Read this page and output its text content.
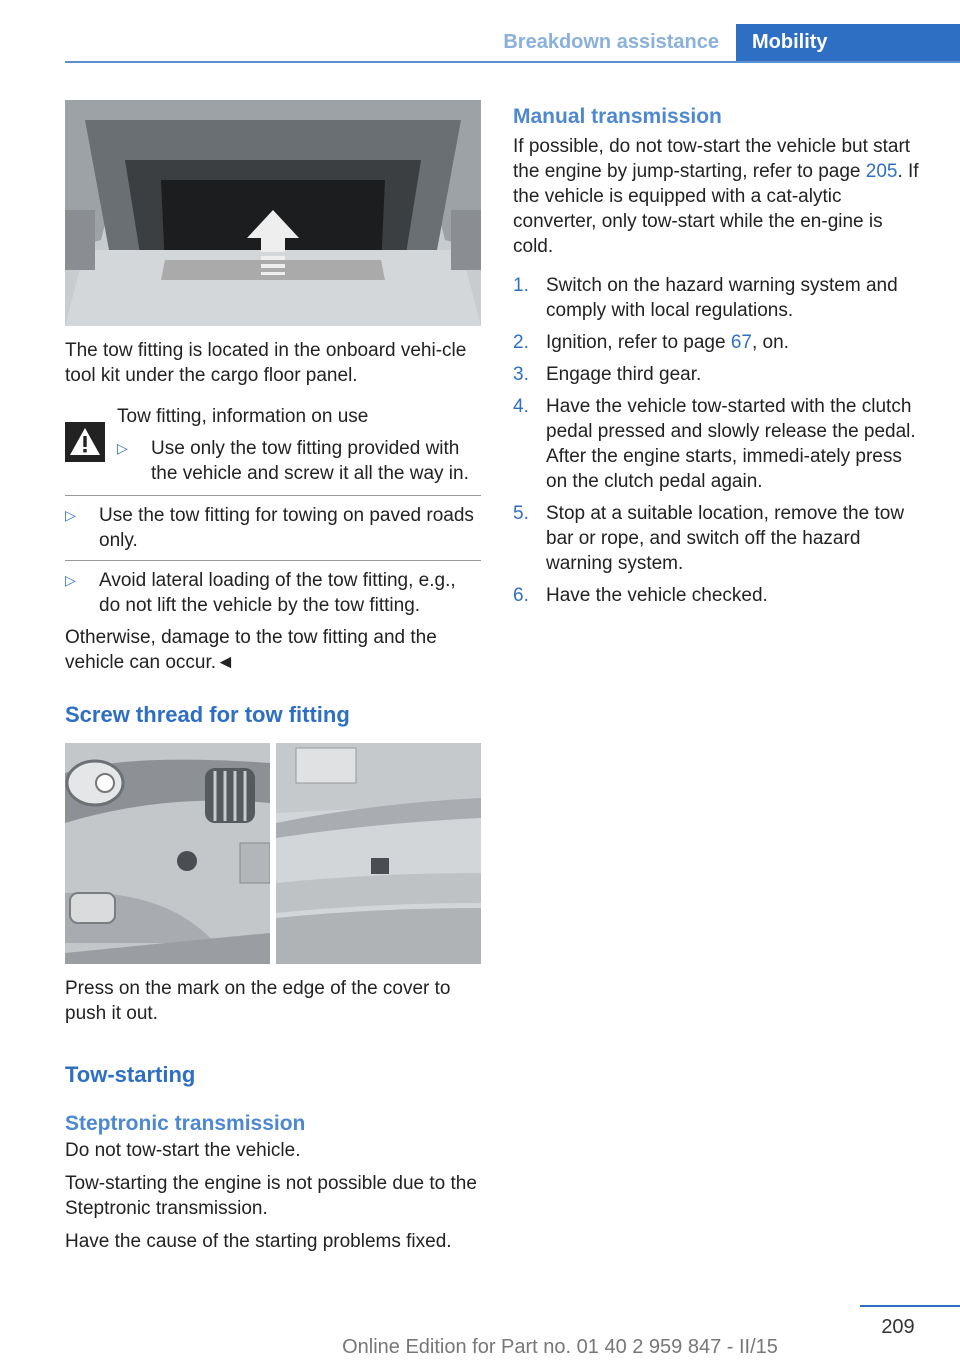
Breakdown assistance	Mobility

The tow fitting is located in the onboard vehi-cle tool kit under the cargo floor panel.

Tow fitting, information on use

▷	Use only the tow fitting provided with the vehicle and screw it all the way in.

▷	Use the tow fitting for towing on paved roads only.

▷	Avoid lateral loading of the tow fitting, e.g., do not lift the vehicle by the tow fitting.

Otherwise, damage to the tow fitting and the vehicle can occur.◄

Screw thread for tow fitting

Press on the mark on the edge of the cover to push it out.

Tow-starting
Steptronic transmission

Do not tow-start the vehicle.

Tow-starting the engine is not possible due to the Steptronic transmission.

Have the cause of the starting problems fixed.

Manual transmission

If possible, do not tow-start the vehicle but start the engine by jump-starting, refer to page 205. If the vehicle is equipped with a cat-alytic converter, only tow-start while the en-gine is cold.

1. Switch on the hazard warning system and comply with local regulations.

2. Ignition, refer to page 67, on.

3. Engage third gear.

4. Have the vehicle tow-started with the clutch pedal pressed and slowly release the pedal. After the engine starts, immedi-ately press on the clutch pedal again.

5. Stop at a suitable location, remove the tow bar or rope, and switch off the hazard warning system.

6. Have the vehicle checked.

209
Online Edition for Part no. 01 40 2 959 847 - II/15
